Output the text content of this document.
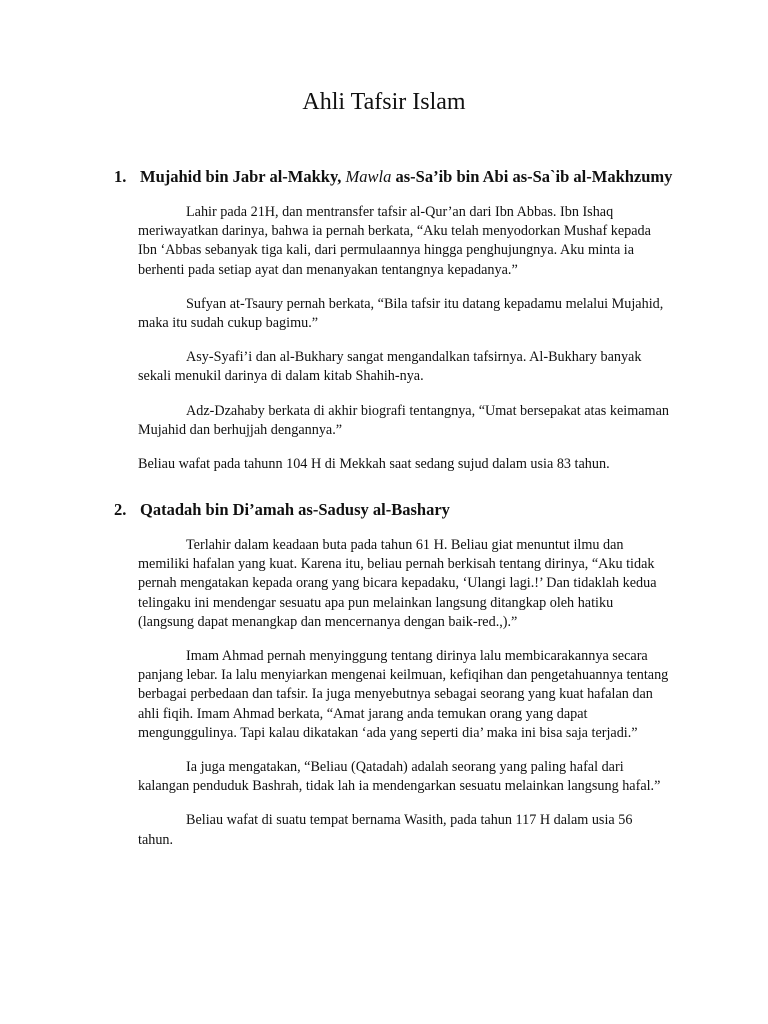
Ahli Tafsir Islam
1. Mujahid bin Jabr al-Makky, Mawla as-Sa’ib bin Abi as-Sa`ib al-Makhzumy

Lahir pada 21H, dan mentransfer tafsir al-Qur’an dari Ibn Abbas. Ibn Ishaq meriwayatkan darinya, bahwa ia pernah berkata, “Aku telah menyodorkan Mushaf kepada Ibn ‘Abbas sebanyak tiga kali, dari permulaannya hingga penghujungnya. Aku minta ia berhenti pada setiap ayat dan menanyakan tentangnya kepadanya.”

Sufyan at-Tsaury pernah berkata, “Bila tafsir itu datang kepadamu melalui Mujahid, maka itu sudah cukup bagimu.”

Asy-Syafi’i dan al-Bukhary sangat mengandalkan tafsirnya. Al-Bukhary banyak sekali menukil darinya di dalam kitab Shahih-nya.

Adz-Dzahaby berkata di akhir biografi tentangnya, “Umat bersepakat atas keimaman Mujahid dan berhujjah dengannya.”

Beliau wafat pada tahunn 104 H di Mekkah saat sedang sujud dalam usia 83 tahun.

2. Qatadah bin Di’amah as-Sadusy al-Bashary

Terlahir dalam keadaan buta pada tahun 61 H. Beliau giat menuntut ilmu dan memiliki hafalan yang kuat. Karena itu, beliau pernah berkisah tentang dirinya, “Aku tidak pernah mengatakan kepada orang yang bicara kepadaku, ‘Ulangi lagi.!’ Dan tidaklah kedua telingaku ini mendengar sesuatu apa pun melainkan langsung ditangkap oleh hatiku (langsung dapat menangkap dan mencernanya dengan baik-red.,).”

Imam Ahmad pernah menyinggung tentang dirinya lalu membicarakannya secara panjang lebar. Ia lalu menyiarkan mengenai keilmuan, kefiqihan dan pengetahuannya tentang berbagai perbedaan dan tafsir. Ia juga menyebutnya sebagai seorang yang kuat hafalan dan ahli fiqih. Imam Ahmad berkata, “Amat jarang anda temukan orang yang dapat mengunggulinya. Tapi kalau dikatakan ‘ada yang seperti dia’ maka ini bisa saja terjadi.”

Ia juga mengatakan, “Beliau (Qatadah) adalah seorang yang paling hafal dari kalangan penduduk Bashrah, tidak lah ia mendengarkan sesuatu melainkan langsung hafal.”

Beliau wafat di suatu tempat bernama Wasith, pada tahun 117 H dalam usia 56 tahun.
